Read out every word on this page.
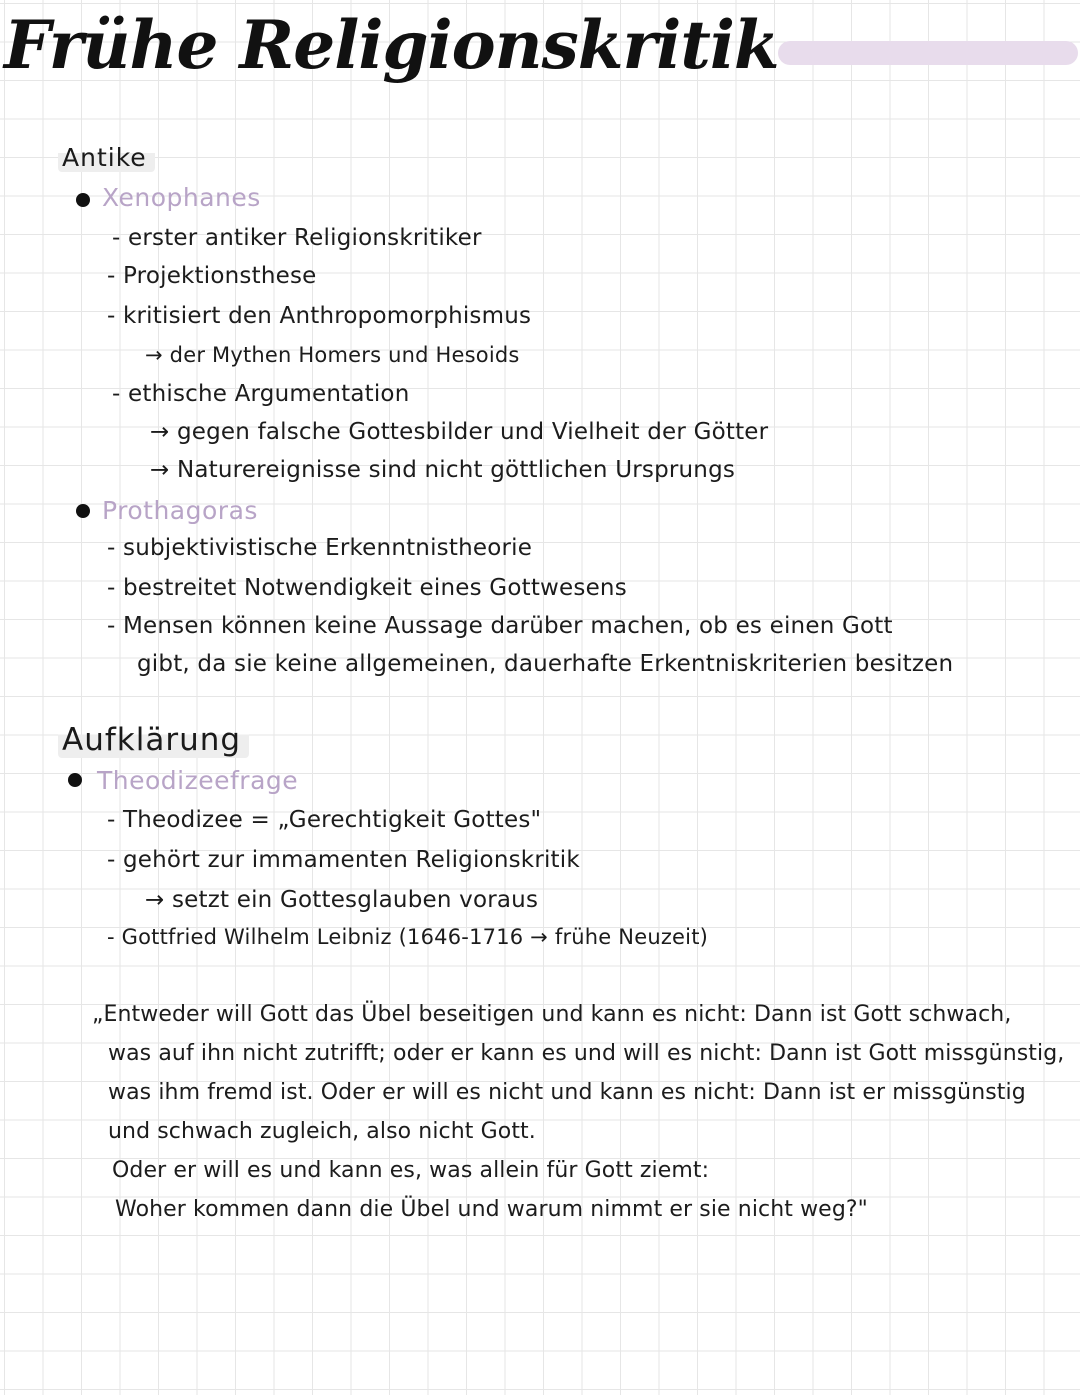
Frühe Religionskritik
Antike
Xenophanes
- erster antiker Religionskritiker
- Projektionsthese
- kritisiert den Anthropomorphismus
→ der Mythen Homers und Hesoids
- ethische Argumentation
→ gegen falsche Gottesbilder und Vielheit der Götter
→ Naturereignisse sind nicht göttlichen Ursprungs
Prothagoras
- subjektivistische Erkenntnistheorie
- bestreitet Notwendigkeit eines Gottwesens
- Mensen können keine Aussage darüber machen, ob es einen Gott
gibt, da sie keine allgemeinen, dauerhafte Erkentniskriterien besitzen
Aufklärung
Theodizeefrage
- Theodizee = „Gerechtigkeit Gottes"
- gehört zur immamenten Religionskritik
→ setzt ein Gottesglauben voraus
- Gottfried Wilhelm Leibniz (1646-1716 → frühe Neuzeit)
„Entweder will Gott das Übel beseitigen und kann es nicht: Dann ist Gott schwach,
was auf ihn nicht zutrifft; oder er kann es und will es nicht: Dann ist Gott missgünstig,
was ihm fremd ist. Oder er will es nicht und kann es nicht: Dann ist er missgünstig
und schwach zugleich, also nicht Gott.
Oder er will es und kann es, was allein für Gott ziemt:
Woher kommen dann die Übel und warum nimmt er sie nicht weg?"
